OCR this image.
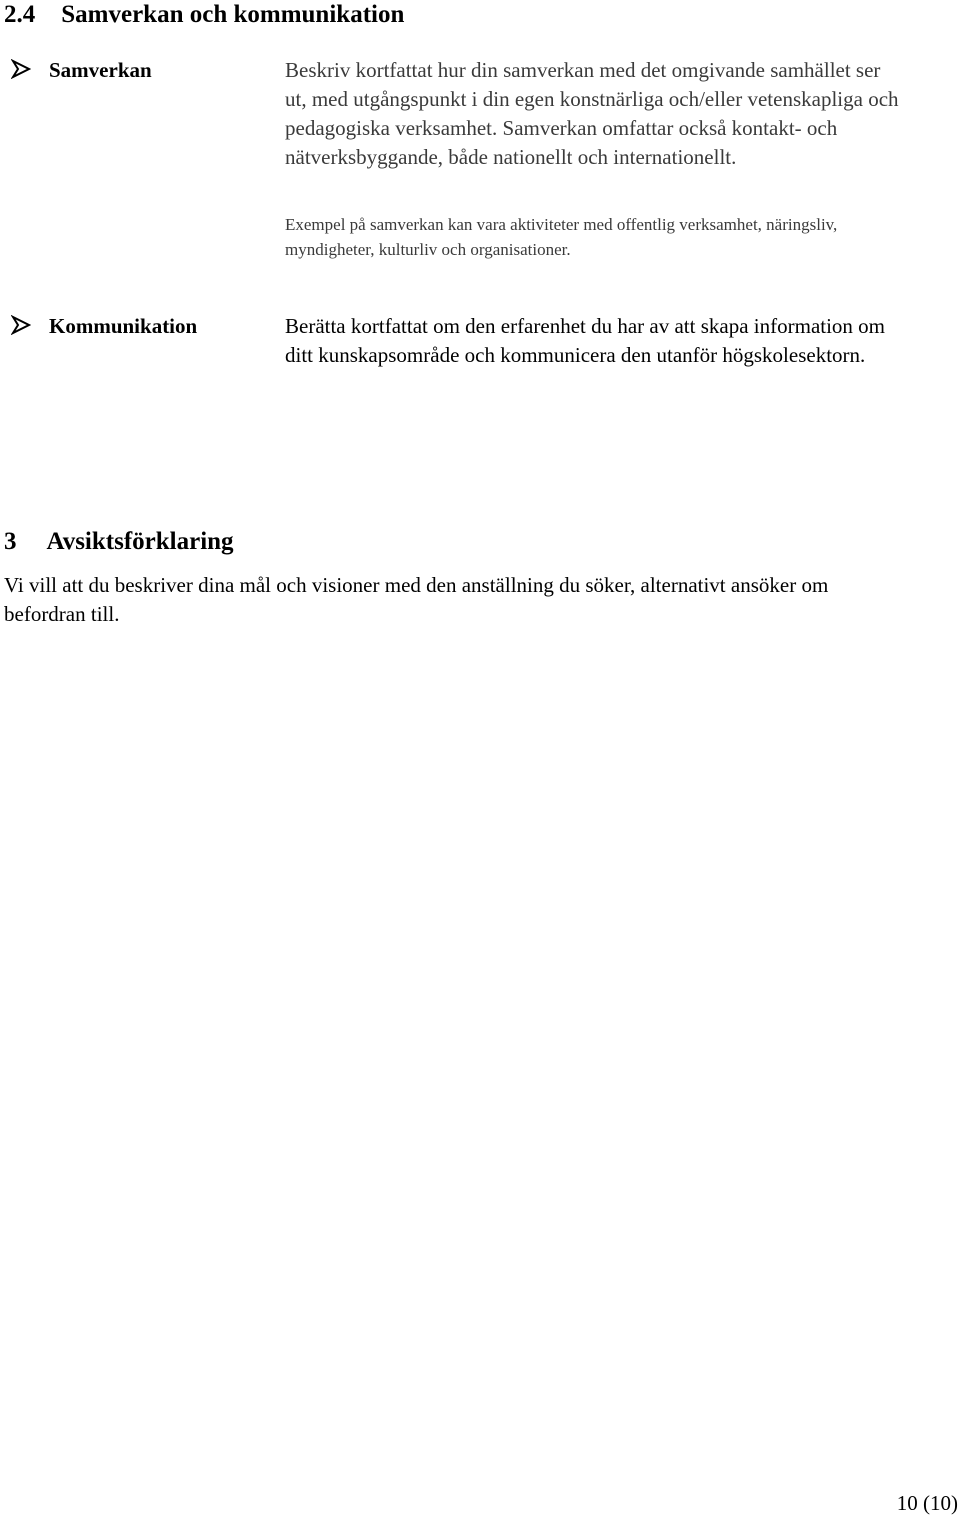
2.4 Samverkan och kommunikation
Samverkan	Beskriv kortfattat hur din samverkan med det omgivande samhället ser ut, med utgångspunkt i din egen konstnärliga och/eller vetenskapliga och pedagogiska verksamhet. Samverkan omfattar också kontakt- och nätverksbyggande, både nationellt och internationellt.
Exempel på samverkan kan vara aktiviteter med offentlig verksamhet, näringsliv, myndigheter, kulturliv och organisationer.
Kommunikation	Berätta kortfattat om den erfarenhet du har av att skapa information om ditt kunskapsområde och kommunicera den utanför högskolesektorn.
3 Avsiktsförklaring
Vi vill att du beskriver dina mål och visioner med den anställning du söker, alternativt ansöker om befordran till.
10 (10)
